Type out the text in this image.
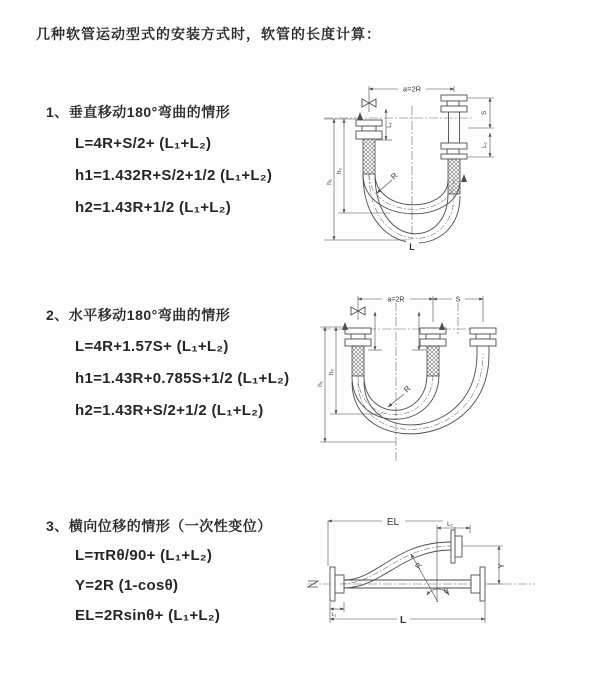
几种软管运动型式的安装方式时，软管的长度计算：
1、垂直移动180°弯曲的情形
L=4R+S/2+ (L₁+L₂)
h1=1.432R+S/2+1/2 (L₁+L₂)
h2=1.43R+1/2 (L₁+L₂)
2、水平移动180°弯曲的情形
L=4R+1.57S+ (L₁+L₂)
h1=1.43R+0.785S+1/2 (L₁+L₂)
h2=1.43R+S/2+1/2 (L₁+L₂)
3、横向位移的情形（一次性变位）
L=πRθ/90+ (L₁+L₂)
Y=2R (1-cosθ)
EL=2Rsinθ+ (L₁+L₂)
a=2R
h₁
h₂
L₁
S
L₂
R
L
a=2R	S
h₁
h₂
R
EL	L₂
R
θ
Y
L₁	L
